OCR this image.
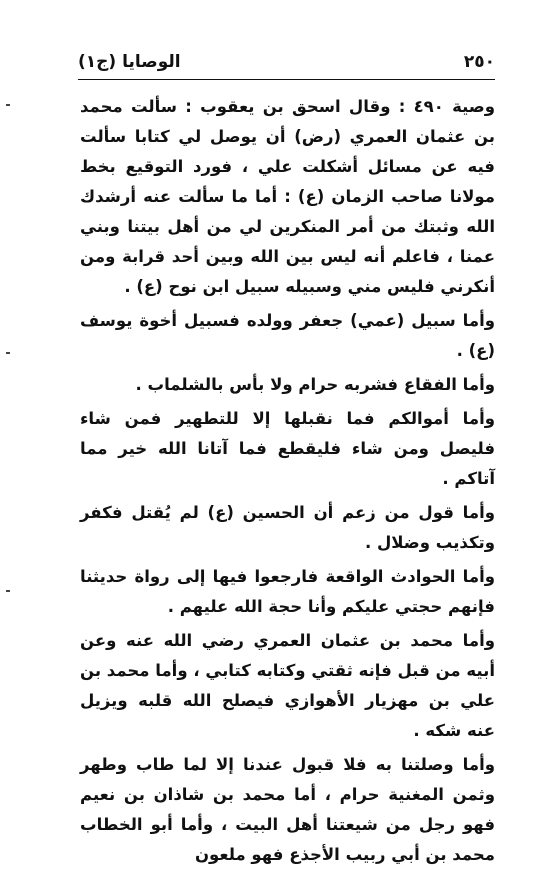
٢٥٠
الوصايا (ج١)

وصية ٤٩٠ : وقال اسحق بن يعقوب : سألت محمد بن عثمان العمري (رض) أن يوصل لي كتابا سألت فيه عن مسائل أشكلت علي ، فورد التوقيع بخط مولانا صاحب الزمان (ع) : أما ما سألت عنه أرشدك الله وثبتك من أمر المنكرين لي من أهل بيتنا وبني عمنا ، فاعلم أنه ليس بين الله وبين أحد قرابة ومن أنكرني فليس مني وسبيله سبيل ابن نوح (ع) .

وأما سبيل (عمي) جعفر وولده فسبيل أخوة يوسف (ع) .

وأما الفقاع فشربه حرام ولا بأس بالشلماب .

وأما أموالكم فما نقبلها إلا للتطهير فمن شاء فليصل ومن شاء فليقطع فما آتانا الله خير مما آتاكم .

وأما قول من زعم أن الحسين (ع) لم يُقتل فكفر وتكذيب وضلال .

وأما الحوادث الواقعة فارجعوا فيها إلى رواة حديثنا فإنهم حجتي عليكم وأنا حجة الله عليهم .

وأما محمد بن عثمان العمري رضي الله عنه وعن أبيه من قبل فإنه ثقتي وكتابه كتابي ، وأما محمد بن علي بن مهزيار الأهوازي فيصلح الله قلبه ويزيل عنه شكه .

وأما وصلتنا به فلا قبول عندنا إلا لما طاب وطهر وثمن المغنية حرام ، أما محمد بن شاذان بن نعيم فهو رجل من شيعتنا أهل البيت ، وأما أبو الخطاب محمد بن أبي ربيب الأجذع فهو ملعون
